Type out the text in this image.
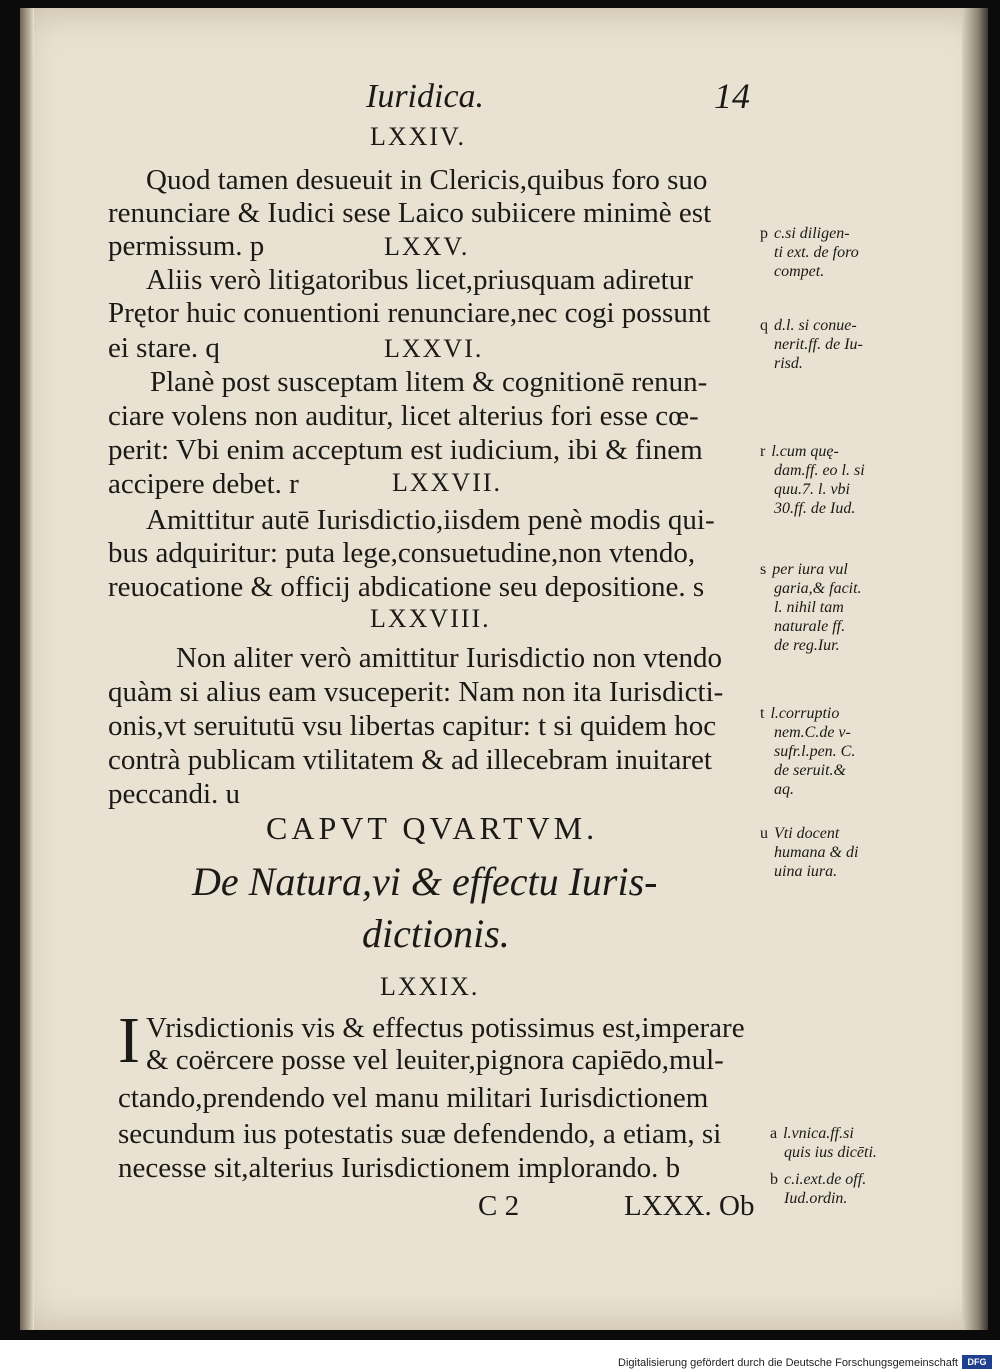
Iuridica.	14
LXXIV.
Quod tamen desueuit in Clericis,quibus foro suo
renunciare & Iudici sese Laico subiicere minimè est
permissum. p	LXXV.
Aliis verò litigatoribus licet,priusquam adiretur
Prętor huic conuentioni renunciare,nec cogi possunt
ei stare. q	LXXVI.
Planè post susceptam litem & cognitionē renun-
ciare volens non auditur, licet alterius fori esse cœ-
perit: Vbi enim acceptum est iudicium, ibi & finem
accipere debet. r	LXXVII.
Amittitur autē Iurisdictio,iisdem penè modis qui-
bus adquiritur: puta lege,consuetudine,non vtendo,
reuocatione & officij abdicatione seu depositione. s
LXXVIII.
Non aliter verò amittitur Iurisdictio non vtendo
quàm si alius eam vsuceperit: Nam non ita Iurisdicti-
onis,vt seruitutū vsu libertas capitur: t si quidem hoc
contrà publicam vtilitatem & ad illecebram inuitaret
peccandi. u
CAPVT QVARTVM.
De Natura,vi & effectu Iuris-
dictionis.
LXXIX.
I Vrisdictionis vis & effectus potissimus est,imperare
& coërcere posse vel leuiter,pignora capiēdo,mul-
ctando,prendendo vel manu militari Iurisdictionem
secundum ius potestatis suæ defendendo, a etiam, si
necesse sit,alterius Iurisdictionem implorando. b
C 2	LXXX. Ob
p c.si diligen-
ti ext. de foro
compet.
q d.l. si conue-
nerit.ff. de Iu-
risd.
r l.cum quę-
dam.ff. eo l. si
quu.7. l. vbi
30.ff. de Iud.
s per iura vul
garia,& facit.
l. nihil tam
naturale ff.
de reg.Iur.
t l.corruptio
nem.C.de v-
sufr.l.pen. C.
de seruit.&
aq.
u Vti docent
humana & di
uina iura.
a l.vnica.ff.si
quis ius dicēti.
b c.i.ext.de off.
Iud.ordin.
Digitalisierung gefördert durch die Deutsche Forschungsgemeinschaft	DFG
